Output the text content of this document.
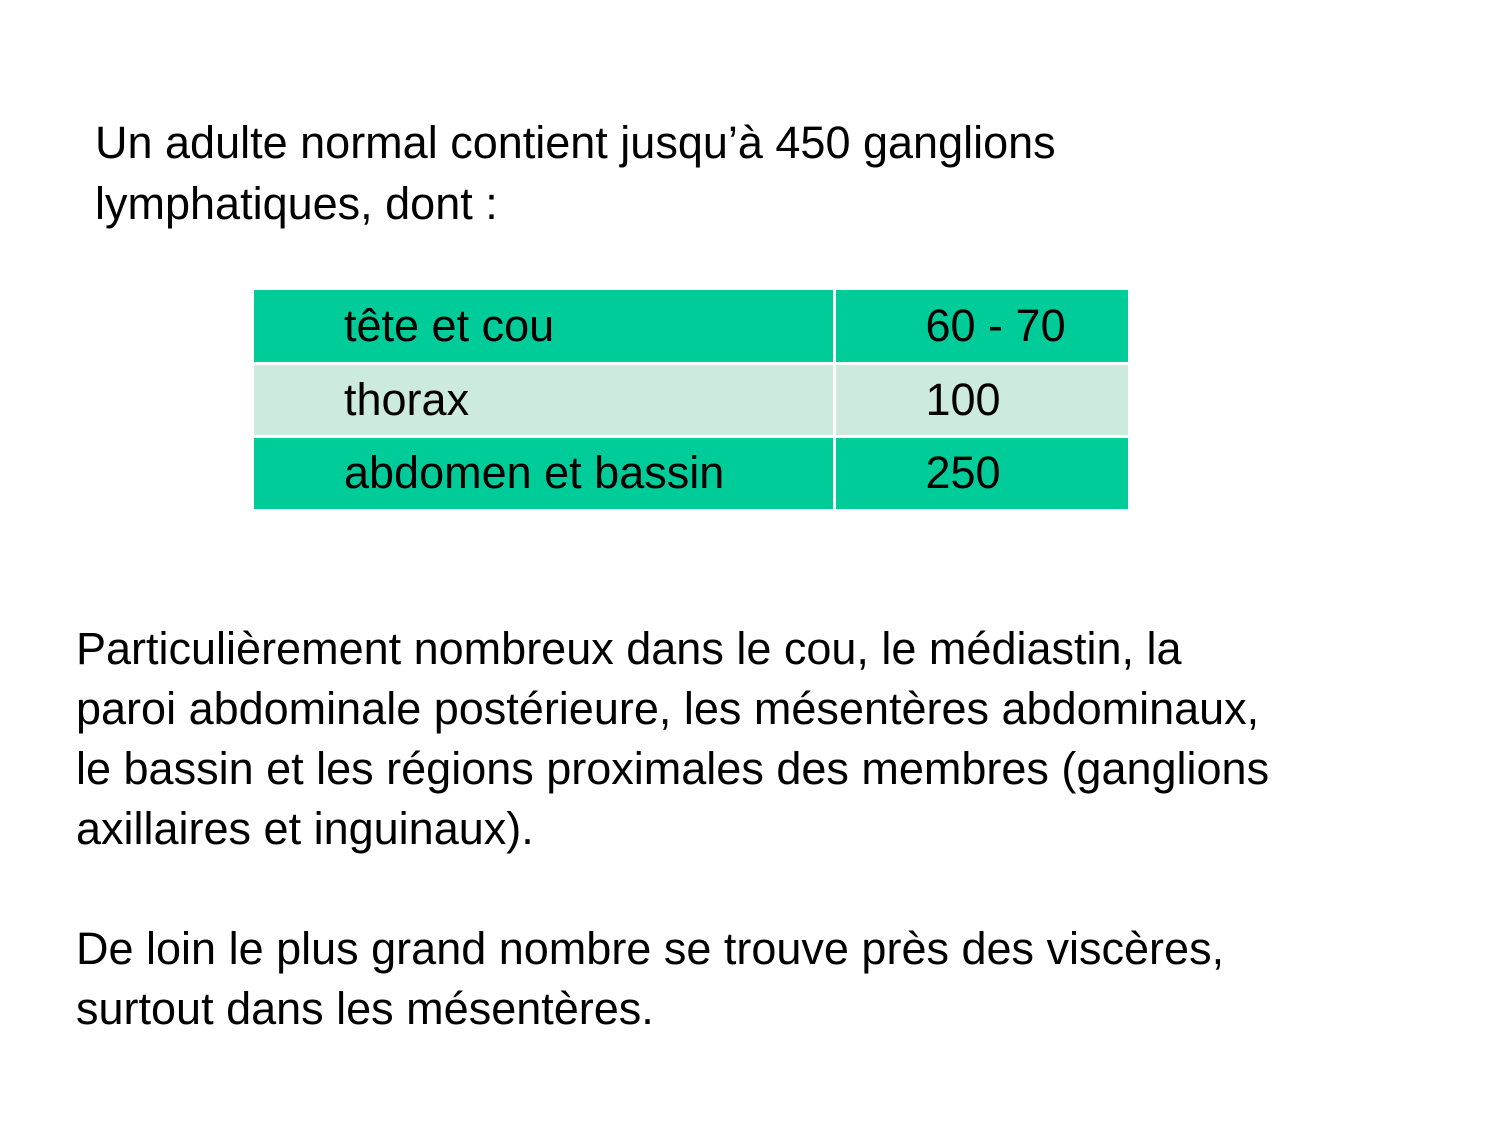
Un adulte normal contient jusqu’à 450 ganglions
lymphatiques, dont :

tête et cou	60 - 70
thorax	100
abdomen et bassin	250

Particulièrement nombreux dans le cou, le médiastin, la
paroi abdominale postérieure, les mésentères abdominaux,
le bassin et les régions proximales des membres (ganglions
axillaires et inguinaux).

De loin le plus grand nombre se trouve près des viscères,
surtout dans les mésentères.
